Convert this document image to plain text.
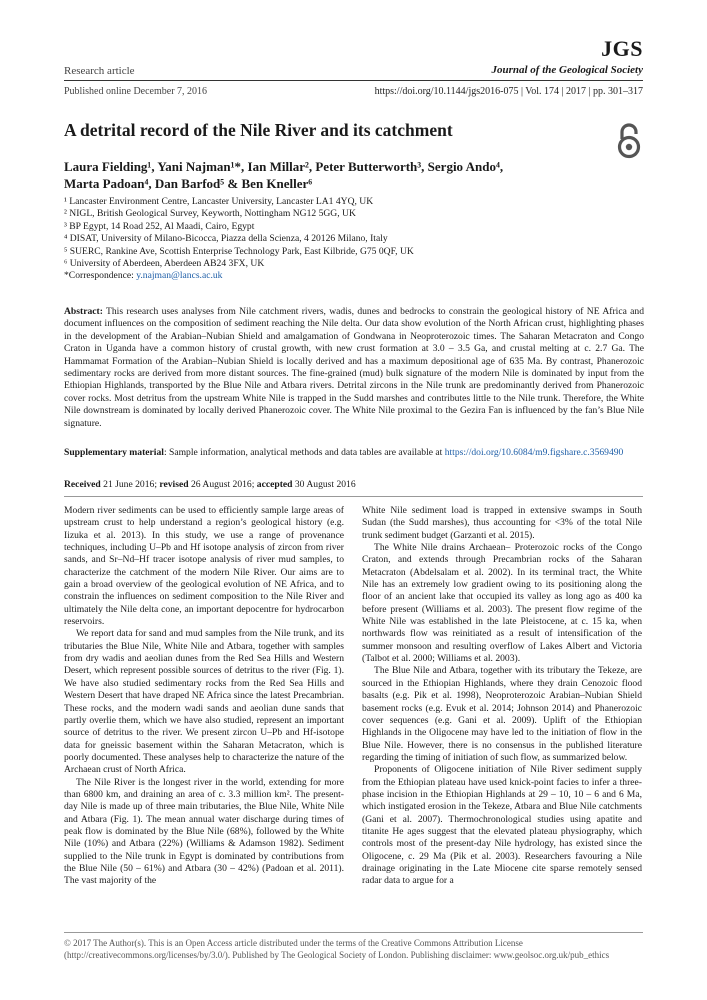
JGS
Research article	Journal of the Geological Society
Published online December 7, 2016	https://doi.org/10.1144/jgs2016-075 | Vol. 174 | 2017 | pp. 301–317
A detrital record of the Nile River and its catchment
Laura Fielding¹, Yani Najman¹*, Ian Millar², Peter Butterworth³, Sergio Ando⁴,
Marta Padoan⁴, Dan Barfod⁵ & Ben Kneller⁶
¹ Lancaster Environment Centre, Lancaster University, Lancaster LA1 4YQ, UK
² NIGL, British Geological Survey, Keyworth, Nottingham NG12 5GG, UK
³ BP Egypt, 14 Road 252, Al Maadi, Cairo, Egypt
⁴ DISAT, University of Milano-Bicocca, Piazza della Scienza, 4 20126 Milano, Italy
⁵ SUERC, Rankine Ave, Scottish Enterprise Technology Park, East Kilbride, G75 0QF, UK
⁶ University of Aberdeen, Aberdeen AB24 3FX, UK
*Correspondence: y.najman@lancs.ac.uk
Abstract: This research uses analyses from Nile catchment rivers, wadis, dunes and bedrocks to constrain the geological history of NE Africa and document influences on the composition of sediment reaching the Nile delta. Our data show evolution of the North African crust, highlighting phases in the development of the Arabian–Nubian Shield and amalgamation of Gondwana in Neoproterozoic times. The Saharan Metacraton and Congo Craton in Uganda have a common history of crustal growth, with new crust formation at 3.0 – 3.5 Ga, and crustal melting at c. 2.7 Ga. The Hammamat Formation of the Arabian–Nubian Shield is locally derived and has a maximum depositional age of 635 Ma. By contrast, Phanerozoic sedimentary rocks are derived from more distant sources. The fine-grained (mud) bulk signature of the modern Nile is dominated by input from the Ethiopian Highlands, transported by the Blue Nile and Atbara rivers. Detrital zircons in the Nile trunk are predominantly derived from Phanerozoic cover rocks. Most detritus from the upstream White Nile is trapped in the Sudd marshes and contributes little to the Nile trunk. Therefore, the White Nile downstream is dominated by locally derived Phanerozoic cover. The White Nile proximal to the Gezira Fan is influenced by the fan’s Blue Nile signature.
Supplementary material: Sample information, analytical methods and data tables are available at https://doi.org/10.6084/m9.figshare.c.3569490
Received 21 June 2016; revised 26 August 2016; accepted 30 August 2016

Modern river sediments can be used to efficiently sample large areas of upstream crust to help understand a region’s geological history (e.g. Iizuka et al. 2013). In this study, we use a range of provenance techniques, including U–Pb and Hf isotope analysis of zircon from river sands, and Sr–Nd–Hf tracer isotope analysis of river mud samples, to characterize the catchment of the modern Nile River. Our aims are to gain a broad overview of the geological evolution of NE Africa, and to constrain the influences on sediment composition to the Nile River and ultimately the Nile delta cone, an important depocentre for hydrocarbon reservoirs.

We report data for sand and mud samples from the Nile trunk, and its tributaries the Blue Nile, White Nile and Atbara, together with samples from dry wadis and aeolian dunes from the Red Sea Hills and Western Desert, which represent possible sources of detritus to the river (Fig. 1). We have also studied sedimentary rocks from the Red Sea Hills and Western Desert that have draped NE Africa since the latest Precambrian. These rocks, and the modern wadi sands and aeolian dune sands that partly overlie them, which we have also studied, represent an important source of detritus to the river. We present zircon U–Pb and Hf-isotope data for gneissic basement within the Saharan Metacraton, which is poorly documented. These analyses help to characterize the nature of the Archaean crust of North Africa.

The Nile River is the longest river in the world, extending for more than 6800 km, and draining an area of c. 3.3 million km². The present-day Nile is made up of three main tributaries, the Blue Nile, White Nile and Atbara (Fig. 1). The mean annual water discharge during times of peak flow is dominated by the Blue Nile (68%), followed by the White Nile (10%) and Atbara (22%) (Williams & Adamson 1982). Sediment supplied to the Nile trunk in Egypt is dominated by contributions from the Blue Nile (50 – 61%) and Atbara (30 – 42%) (Padoan et al. 2011). The vast majority of the

White Nile sediment load is trapped in extensive swamps in South Sudan (the Sudd marshes), thus accounting for <3% of the total Nile trunk sediment budget (Garzanti et al. 2015).

The White Nile drains Archaean– Proterozoic rocks of the Congo Craton, and extends through Precambrian rocks of the Saharan Metacraton (Abdelsalam et al. 2002). In its terminal tract, the White Nile has an extremely low gradient owing to its positioning along the floor of an ancient lake that occupied its valley as long ago as 400 ka before present (Williams et al. 2003). The present flow regime of the White Nile was established in the late Pleistocene, at c. 15 ka, when northwards flow was reinitiated as a result of intensification of the summer monsoon and resulting overflow of Lakes Albert and Victoria (Talbot et al. 2000; Williams et al. 2003).

The Blue Nile and Atbara, together with its tributary the Tekeze, are sourced in the Ethiopian Highlands, where they drain Cenozoic flood basalts (e.g. Pik et al. 1998), Neoproterozoic Arabian–Nubian Shield basement rocks (e.g. Evuk et al. 2014; Johnson 2014) and Phanerozoic cover sequences (e.g. Gani et al. 2009). Uplift of the Ethiopian Highlands in the Oligocene may have led to the initiation of flow in the Blue Nile. However, there is no consensus in the published literature regarding the timing of initiation of such flow, as summarized below.

Proponents of Oligocene initiation of Nile River sediment supply from the Ethiopian plateau have used knick-point facies to infer a three-phase incision in the Ethiopian Highlands at 29 – 10, 10 – 6 and 6 Ma, which instigated erosion in the Tekeze, Atbara and Blue Nile catchments (Gani et al. 2007). Thermochronological studies using apatite and titanite He ages suggest that the elevated plateau physiography, which controls most of the present-day Nile hydrology, has existed since the Oligocene, c. 29 Ma (Pik et al. 2003). Researchers favouring a Nile drainage originating in the Late Miocene cite sparse remotely sensed radar data to argue for a

© 2017 The Author(s). This is an Open Access article distributed under the terms of the Creative Commons Attribution License (http://creativecommons.org/licenses/by/3.0/). Published by The Geological Society of London. Publishing disclaimer: www.geolsoc.org.uk/pub_ethics
